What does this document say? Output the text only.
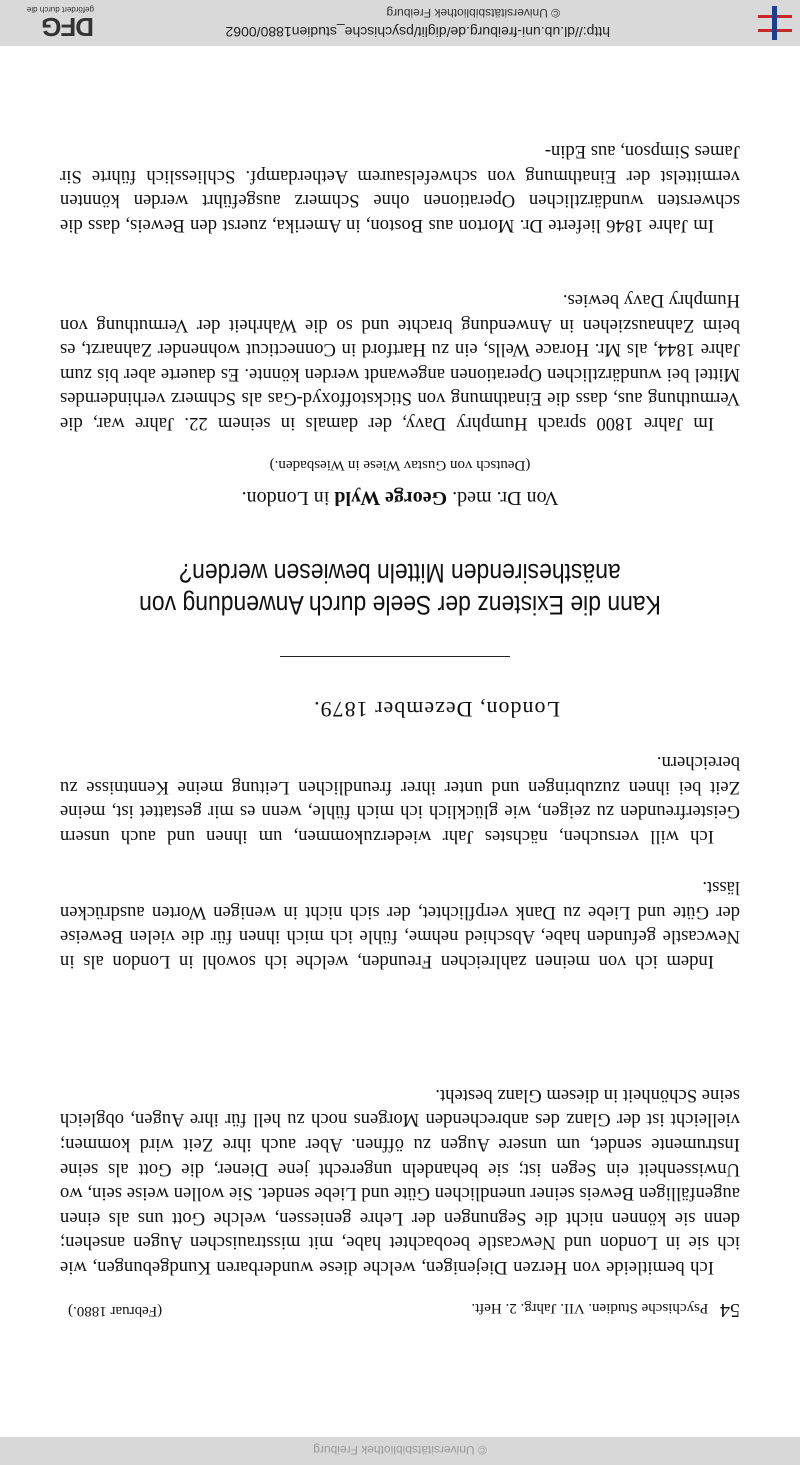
© Universitätsbibliothek Freiburg
54 Psychische Studien. VII. Jahrg. 2. Heft.
(Februar 1880.)
Ich bemitleide von Herzen Diejenigen, welche diese wunderbaren Kundgebungen, wie ich sie in London und Newcastle beobachtet habe, mit misstrauischen Augen ansehen; denn sie können nicht die Segnungen der Lehre geniessen, welche Gott uns als einen augenfälligen Beweis seiner unendlichen Güte und Liebe sendet. Sie wollen weise sein, wo Unwissenheit ein Segen ist; sie behandeln ungerecht jene Diener, die Gott als seine Instrumente sendet, um unsere Augen zu öffnen. Aber auch ihre Zeit wird kommen; vielleicht ist der Glanz des anbrechenden Morgens noch zu hell für ihre Augen, obgleich seine Schönheit in diesem Glanz besteht.
Indem ich von meinen zahlreichen Freunden, welche ich sowohl in London als in Newcastle gefunden habe, Abschied nehme, fühle ich mich ihnen für die vielen Beweise der Güte und Liebe zu Dank verpflichtet, der sich nicht in wenigen Worten ausdrücken lässt.
Ich will versuchen, nächstes Jahr wiederzukommen, um ihnen und auch unsern Geisterfreunden zu zeigen, wie glücklich ich mich fühle, wenn es mir gestattet ist, meine Zeit bei ihnen zuzubringen und unter ihrer freundlichen Leitung meine Kenntnisse zu bereichern.
London, Dezember 1879.
Kann die Existenz der Seele durch Anwendung von anästhesirenden Mitteln bewiesen werden?
Von Dr. med. George Wyld in London.
(Deutsch von Gustav Wiese in Wiesbaden.)
Im Jahre 1800 sprach Humphry Davy, der damals in seinem 22. Jahre war, die Vermuthung aus, dass die Einathmung von Stickstoffoxyd-Gas als Schmerz verhinderndes Mittel bei wundärztlichen Operationen angewandt werden könnte. Es dauerte aber bis zum Jahre 1844, als Mr. Horace Wells, ein zu Hartford in Connecticut wohnender Zahnarzt, es beim Zahnausziehen in Anwendung brachte und so die Wahrheit der Vermuthung von Humphry Davy bewies.
Im Jahre 1846 lieferte Dr. Morton aus Boston, in Amerika, zuerst den Beweis, dass die schwersten wundärztlichen Operationen ohne Schmerz ausgeführt werden könnten vermittelst der Einathmung von schwefelsaurem Aetherdampf. Schliesslich führte Sir James Simpson, aus Edin-
http://dl.ub.uni-freiburg.de/diglit/psychische_studien1880/0062
© Universitätsbibliothek Freiburg
DFG
gefördert durch die
